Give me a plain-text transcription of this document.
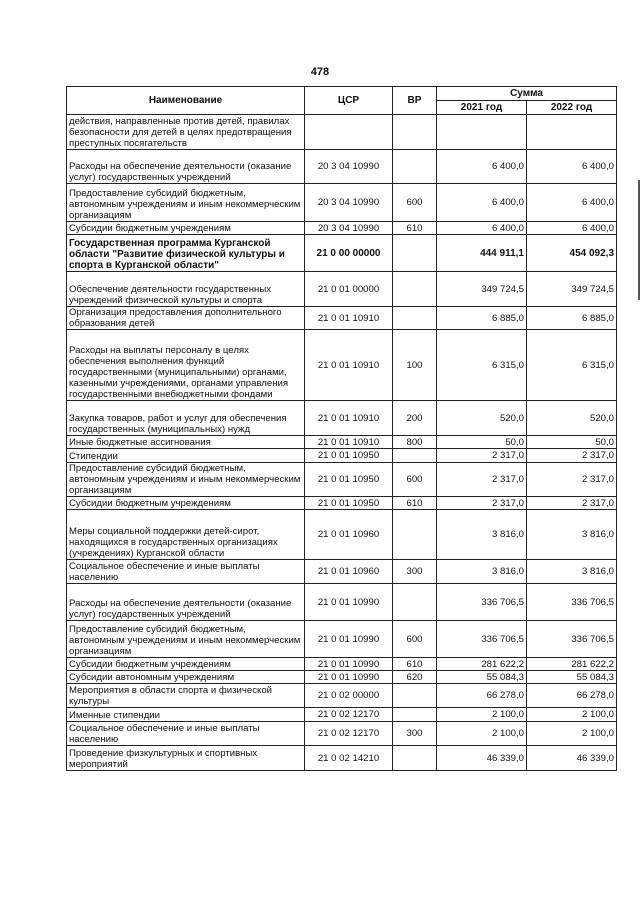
478
Наименование	ЦСР	ВР	Сумма	
			2021 год	2022 год
действия, направленные против детей, правилах безопасности для детей в целях предотвращения преступных посягательств				
Расходы на обеспечение деятельности (оказание услуг) государственных учреждений	20 3 04 10990		6 400,0	6 400,0
Предоставление субсидий бюджетным, автономным учреждениям и иным некоммерческим организациям	20 3 04 10990	600	6 400,0	6 400,0
Субсидии бюджетным учреждениям	20 3 04 10990	610	6 400,0	6 400,0
Государственная программа Курганской области "Развитие физической культуры и спорта в Курганской области"	21 0 00 00000		444 911,1	454 092,3
Обеспечение деятельности государственных учреждений физической культуры и спорта	21 0 01 00000		349 724,5	349 724,5
Организация предоставления дополнительного образования детей	21 0 01 10910		6 885,0	6 885,0
Расходы на выплаты персоналу в целях обеспечения выполнения функций государственными (муниципальными) органами, казенными учреждениями, органами управления государственными внебюджетными фондами	21 0 01 10910	100	6 315,0	6 315,0
Закупка товаров, работ и услуг для обеспечения государственных (муниципальных) нужд	21 0 01 10910	200	520,0	520,0
Иные бюджетные ассигнования	21 0 01 10910	800	50,0	50,0
Стипендии	21 0 01 10950		2 317,0	2 317,0
Предоставление субсидий бюджетным, автономным учреждениям и иным некоммерческим организациям	21 0 01 10950	600	2 317,0	2 317,0
Субсидии бюджетным учреждениям	21 0 01 10950	610	2 317,0	2 317,0
Меры социальной поддержки детей-сирот, находящихся в государственных организациях (учреждениях) Курганской области	21 0 01 10960		3 816,0	3 816,0
Социальное обеспечение и иные выплаты населению	21 0 01 10960	300	3 816,0	3 816,0
Расходы на обеспечение деятельности (оказание услуг) государственных учреждений	21 0 01 10990		336 706,5	336 706,5
Предоставление субсидий бюджетным, автономным учреждениям и иным некоммерческим организациям	21 0 01 10990	600	336 706,5	336 706,5
Субсидии бюджетным учреждениям	21 0 01 10990	610	281 622,2	281 622,2
Субсидии автономным учреждениям	21 0 01 10990	620	55 084,3	55 084,3
Мероприятия в области спорта и физической культуры	21 0 02 00000		66 278,0	66 278,0
Именные стипендии	21 0 02 12170		2 100,0	2 100,0
Социальное обеспечение и иные выплаты населению	21 0 02 12170	300	2 100,0	2 100,0
Проведение физкультурных и спортивных мероприятий	21 0 02 14210		46 339,0	46 339,0
